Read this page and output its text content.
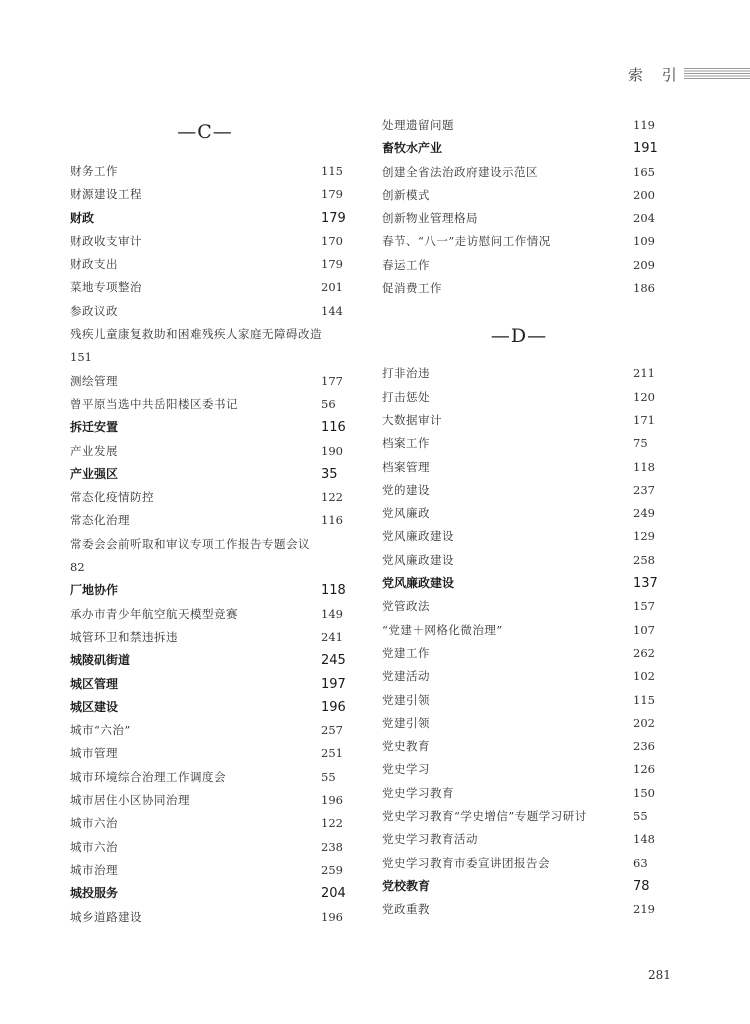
索 引
—C—
财务工作	115
财源建设工程	179
财政	179
财政收支审计	170
财政支出	179
菜地专项整治	201
参政议政	144
残疾儿童康复救助和困难残疾人家庭无障碍改造
151
测绘管理	177
曾平原当选中共岳阳楼区委书记	56
拆迁安置	116
产业发展	190
产业强区	35
常态化疫情防控	122
常态化治理	116
常委会会前听取和审议专项工作报告专题会议
82
厂地协作	118
承办市青少年航空航天模型竞赛	149
城管环卫和禁违拆违	241
城陵矶街道	245
城区管理	197
城区建设	196
城市“六治”	257
城市管理	251
城市环境综合治理工作调度会	55
城市居住小区协同治理	196
城市六治	122
城市六治	238
城市治理	259
城投服务	204
城乡道路建设	196
处理遗留问题	119
畜牧水产业	191
创建全省法治政府建设示范区	165
创新模式	200
创新物业管理格局	204
春节、“八一”走访慰问工作情况	109
春运工作	209
促消费工作	186
—D—
打非治违	211
打击惩处	120
大数据审计	171
档案工作	75
档案管理	118
党的建设	237
党风廉政	249
党风廉政建设	129
党风廉政建设	258
党风廉政建设	137
党管政法	157
“党建＋网格化微治理”	107
党建工作	262
党建活动	102
党建引领	115
党建引领	202
党史教育	236
党史学习	126
党史学习教育	150
党史学习教育“学史增信”专题学习研讨	55
党史学习教育活动	148
党史学习教育市委宣讲团报告会	63
党校教育	78
党政重教	219
281
